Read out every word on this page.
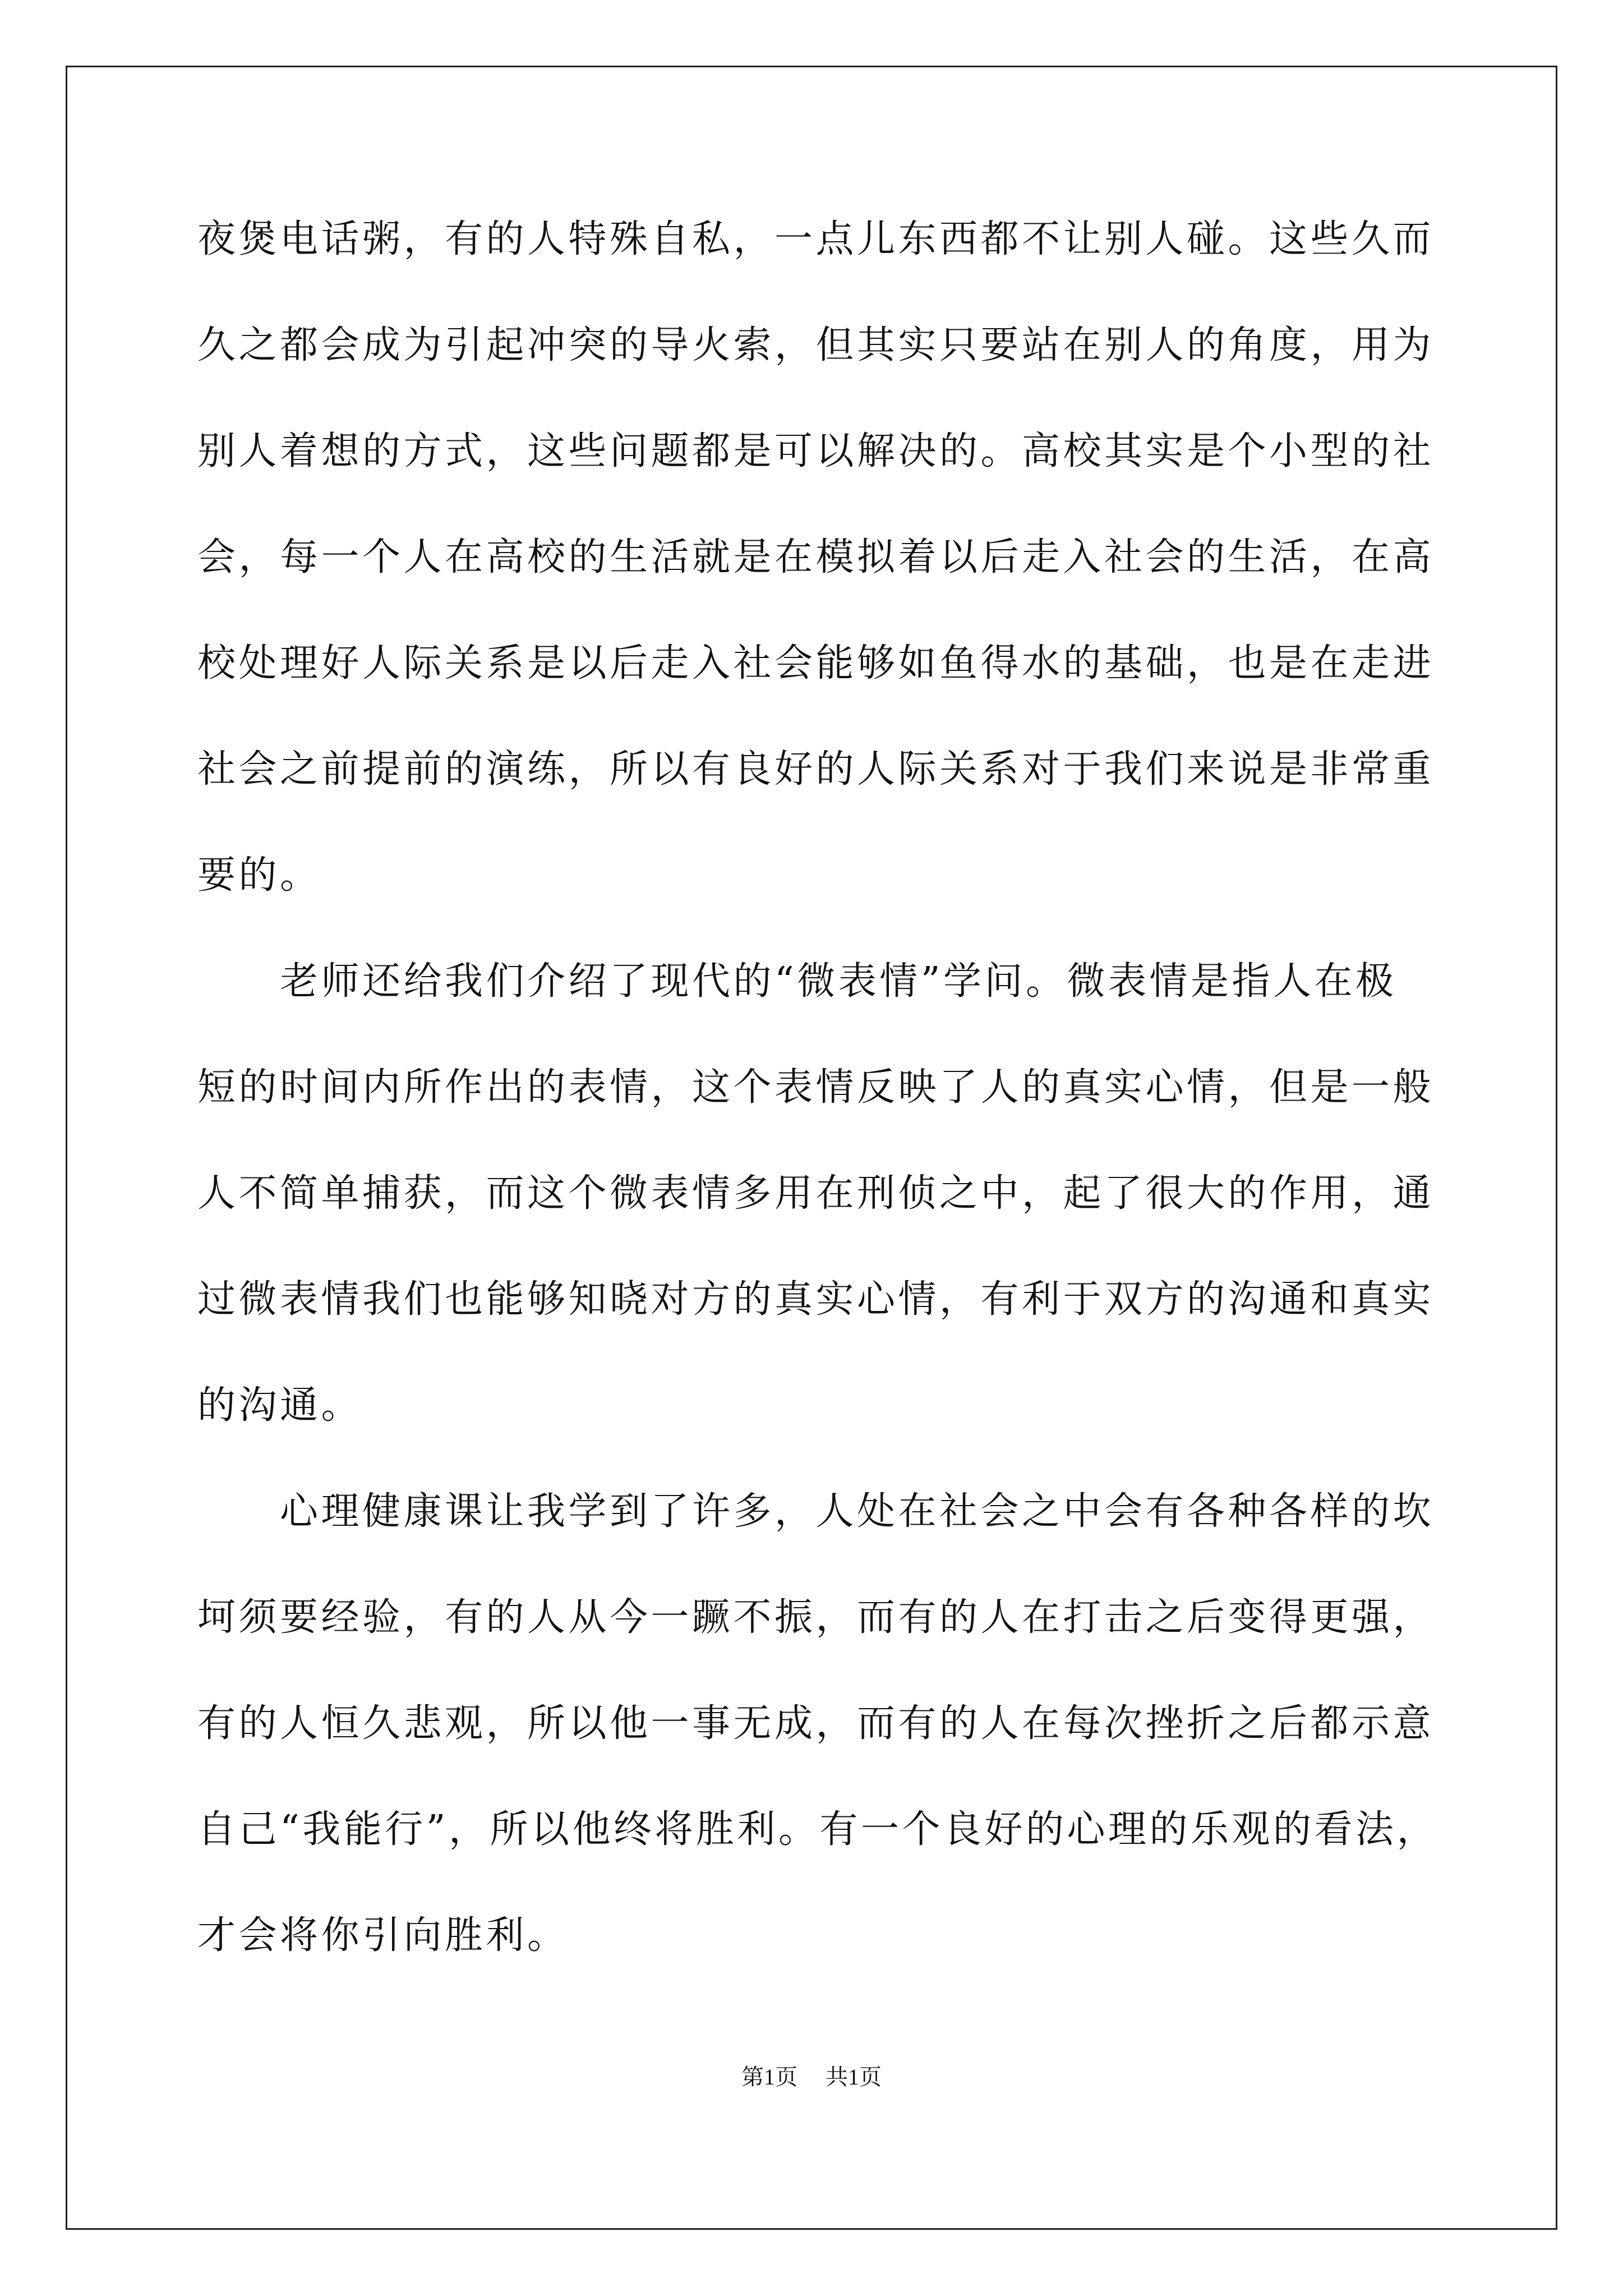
夜煲电话粥，有的人特殊自私，一点儿东西都不让别人碰。这些久而
久之都会成为引起冲突的导火索，但其实只要站在别人的角度，用为
别人着想的方式，这些问题都是可以解决的。高校其实是个小型的社
会，每一个人在高校的生活就是在模拟着以后走入社会的生活，在高
校处理好人际关系是以后走入社会能够如鱼得水的基础，也是在走进
社会之前提前的演练，所以有良好的人际关系对于我们来说是非常重
要的。
　　老师还给我们介绍了现代的“微表情”学问。微表情是指人在极
短的时间内所作出的表情，这个表情反映了人的真实心情，但是一般
人不简单捕获，而这个微表情多用在刑侦之中，起了很大的作用，通
过微表情我们也能够知晓对方的真实心情，有利于双方的沟通和真实
的沟通。
　　心理健康课让我学到了许多，人处在社会之中会有各种各样的坎
坷须要经验，有的人从今一蹶不振，而有的人在打击之后变得更强，
有的人恒久悲观，所以他一事无成，而有的人在每次挫折之后都示意
自己“我能行”，所以他终将胜利。有一个良好的心理的乐观的看法，
才会将你引向胜利。
第1页 共1页
